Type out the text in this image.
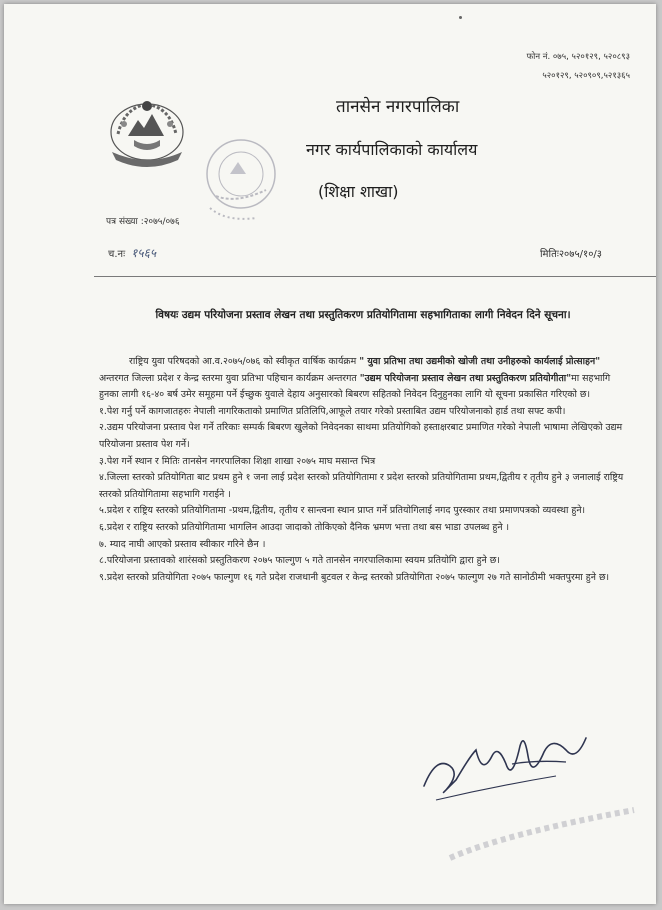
फोन नं. ०७५, ५२०१२९, ५२०८९३
५२०१२९, ५२०९०९,५२१३६५
तानसेन नगरपालिका
नगर कार्यपालिकाको कार्यालय
(शिक्षा शाखा)
पत्र संख्या :२०७५/०७६
च.नः १५६५	मितिः२०७५/१०/३
विषयः उद्यम परियोजना प्रस्ताव लेखन तथा प्रस्तुतिकरण प्रतियोगितामा सहभागिताका लागी निवेदन दिने सूचना।

राष्ट्रिय युवा परिषदको आ.व.२०७५/०७६ को स्वीकृत वार्षिक कार्यक्रम " युवा प्रतिभा तथा उद्यमीको खोजी तथा उनीहरुको कार्यलाई प्रोत्साहन" अन्तरगत जिल्ला प्रदेश र केन्द्र स्तरमा युवा प्रतिभा पहिचान कार्यक्रम अन्तरगत "उद्यम परियोजना प्रस्ताव लेखन तथा प्रस्तुतिकरण प्रतियोगीता"मा सहभागि हुनका लागी १६-४० बर्ष उमेर समूहमा पर्ने ईच्छुक युवाले देहाय अनुसारको बिबरण सहितको निवेदन दिनुहुनका लागि यो सूचना प्रकासित गरिएको छ।

१.पेश गर्नु पर्ने कागजातहरुः नेपाली नागरिकताको प्रमाणित प्रतिलिपि,आफूले तयार गरेको प्रस्ताबित उद्यम परियोजनाको हार्ड तथा सफ्ट कपी।

२.उद्यम परियोजना प्रस्ताव पेश गर्ने तरिकाः सम्पर्क बिबरण खुलेको निवेदनका साथमा प्रतियोगिको हस्ताक्षरबाट प्रमाणित गरेको नेपाली भाषामा लेखिएको उद्यम परियोजना प्रस्ताव पेश गर्ने।

३.पेश गर्ने स्थान र मितिः तानसेन नगरपालिका शिक्षा शाखा २०७५ माघ मसान्त भित्र

४.जिल्ला स्तरको प्रतियोगिता बाट प्रथम हुने १ जना लाई प्रदेश स्तरको प्रतियोगितामा र प्रदेश स्तरको प्रतियोगितामा प्रथम,द्वितीय र तृतीय हुने ३ जनालाई राष्ट्रिय स्तरको प्रतियोगितामा सहभागि गराईने ।

५.प्रदेश र राष्ट्रिय स्तरको प्रतियोगितामा -प्रथम,द्वितीय, तृतीय र सान्त्वना स्थान प्राप्त गर्ने प्रतियोगिलाई नगद पुरस्कार तथा प्रमाणपत्रको व्यवस्था हुने।

६.प्रदेश र राष्ट्रिय स्तरको प्रतियोगितामा भागलिन आउदा जादाको तोकिएको दैनिक भ्रमण भत्ता तथा बस भाडा उपलब्ध हुने ।

७. म्याद नाघी आएको प्रस्ताव स्वीकार गरिने छैन ।

८.परियोजना प्रस्तावको शारंसको प्रस्तुतिकरण २०७५ फाल्गुण ५ गते तानसेन नगरपालिकामा स्वयम प्रतियोगि द्वारा हुने छ।

९.प्रदेश स्तरको प्रतियोगिता २०७५ फाल्गुण १६ गते प्रदेश राजधानी बुटवल र केन्द्र स्तरको प्रतियोगिता २०७५ फाल्गुण २७ गते सानोठीमी भक्तपुरमा हुने छ।
